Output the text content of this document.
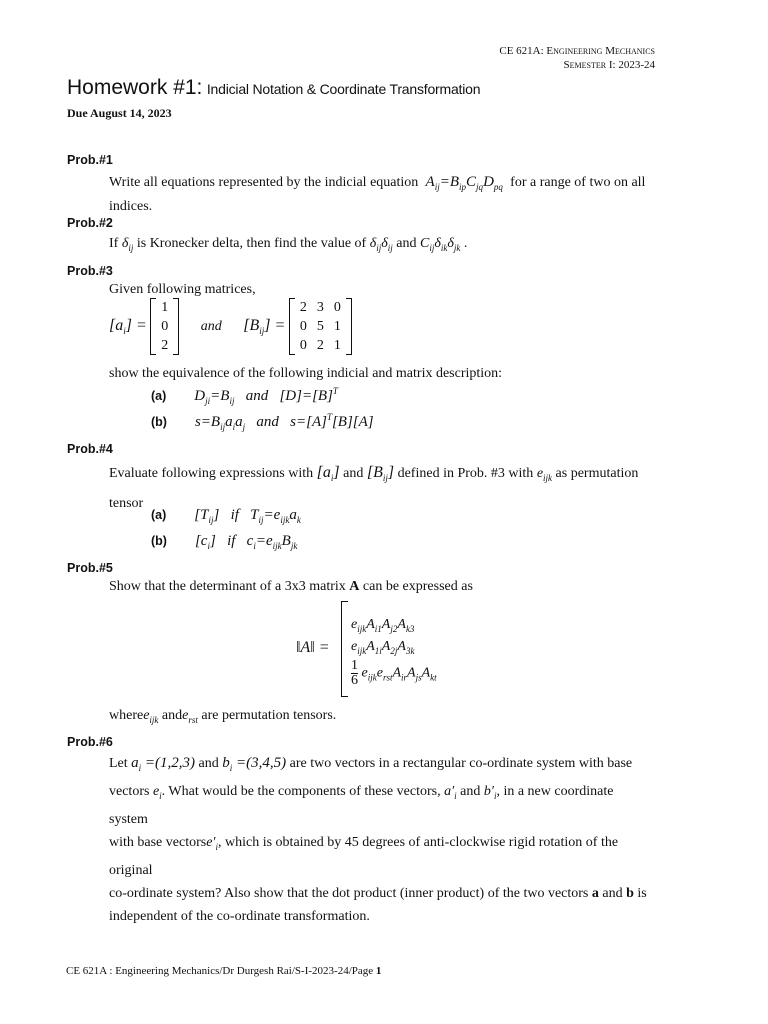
CE 621A: Engineering Mechanics
Semester I: 2023-24
Homework #1: Indicial Notation & Coordinate Transformation
Due August 14, 2023
Prob.#1
Write all equations represented by the indicial equation  $A_{ij}=B_{ip}C_{jq}D_{pq}$ for a range of two on all
indices.
Prob.#2
If $\delta_{ij}$ is Kronecker delta, then find the value of $\delta_{ij}\delta_{ij}$ and $C_{ij}\delta_{ik}\delta_{jk}$ .
Prob.#3
Given following matrices,
$[a_i]$ =
1
0
2
and $[B_{ij}]$ =
2	3	0
0	5	1
0	2	1
show the equivalence of the following indicial and matrix description:
(a) $D_{ji}=B_{ij}$ and   $[D]=[B]^T$
(b) $s=B_{ij}a_ia_j$ and   $s=[A]^T[B][A]$
Prob.#4
Evaluate following expressions with $[a_i]$ and $[B_{ij}]$ defined in Prob. #3 with $e_{ijk}$ as permutation
tensor
(a) $[T_{ij}]$   if   $T_{ij}=e_{ijk}a_k$
(b) $[c_i]$   if   $c_i=e_{ijk}B_{jk}$
Prob.#5
Show that the determinant of a 3x3 matrix A can be expressed as
‖A‖ =
$e_{ijk}A_{i1}A_{j2}A_{k3}$
$e_{ijk}A_{1i}A_{2j}A_{3k}$
$\frac{1}{6} e_{ijk}e_{rst}A_{ir}A_{js}A_{kt}$
wheree$_{ijk}$ ande$_{rst}$ are permutation tensors.
Prob.#6
Let $a_i =(1,2,3)$ and $b_i =(3,4,5)$ are two vectors in a rectangular co-ordinate system with base
vectors $e_i$. What would be the components of these vectors, $a'_i$ and $b'_i$, in a new coordinate system
with base $vectorse'_i$, which is obtained by 45 degrees of anti-clockwise rigid rotation of the original
co-ordinate system? Also show that the dot product (inner product) of the two vectors a and b is
independent of the co-ordinate transformation.
CE 621A : Engineering Mechanics/Dr Durgesh Rai/S-I-2023-24/Page 1
